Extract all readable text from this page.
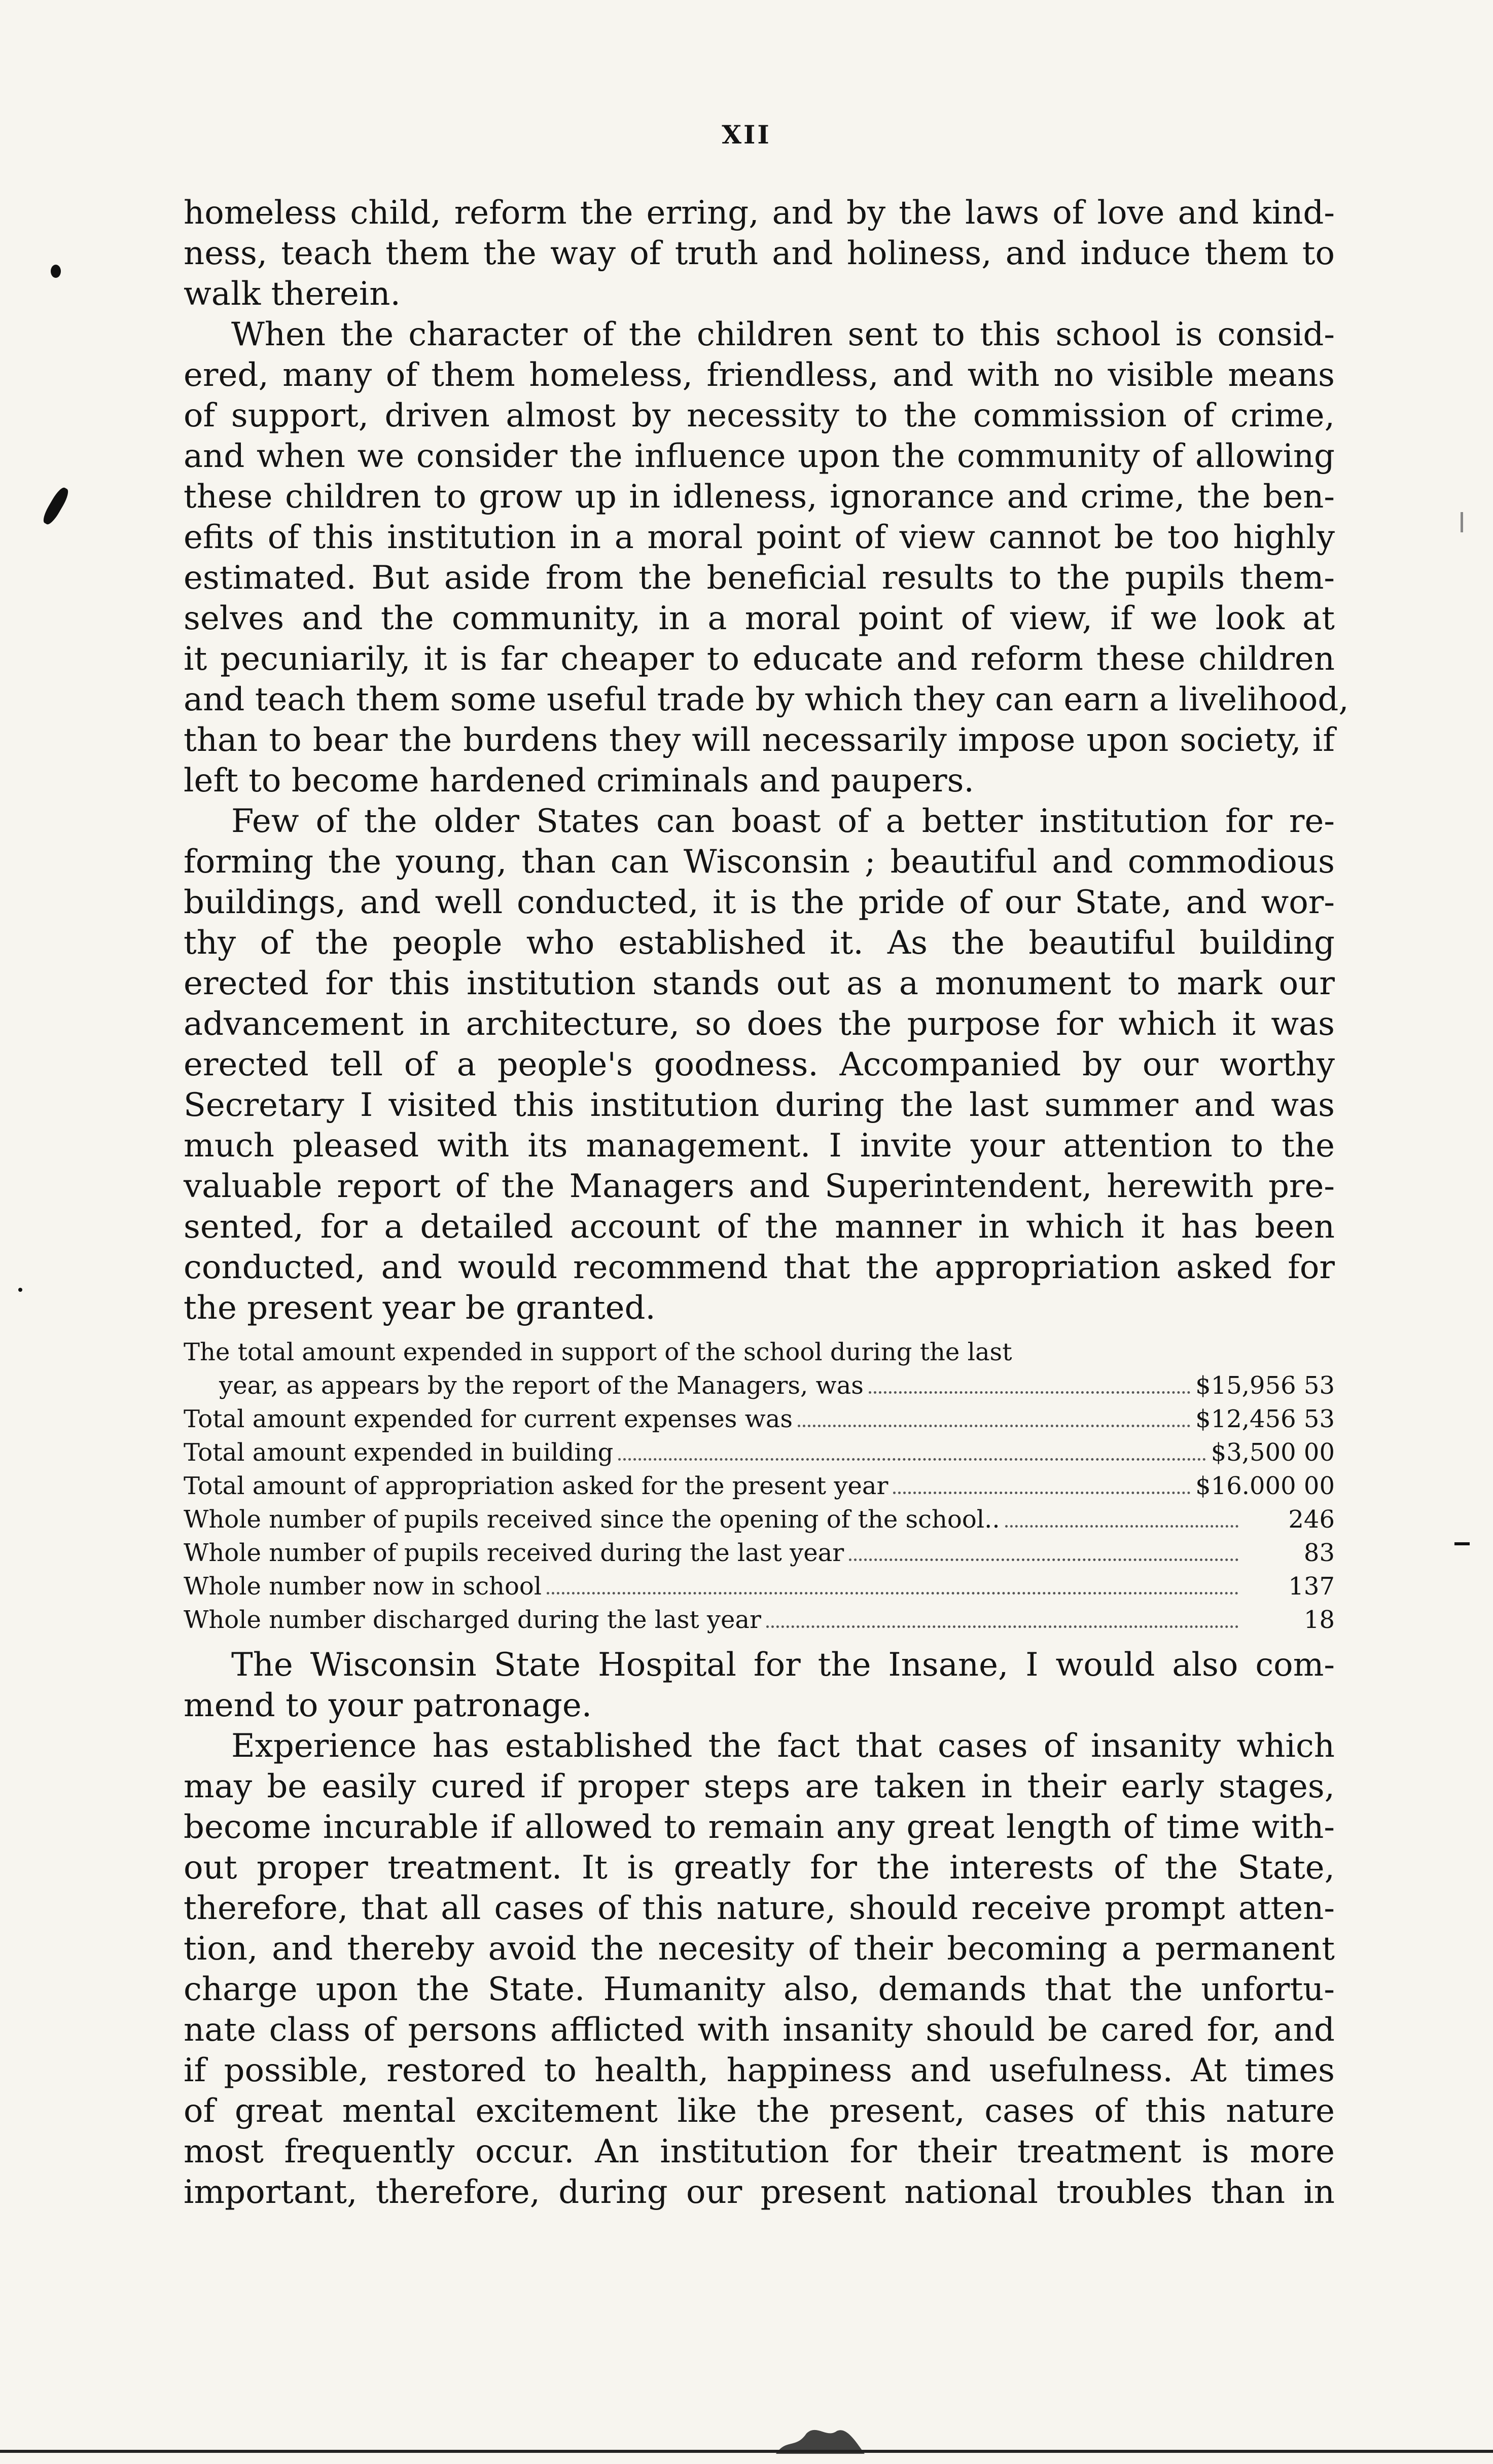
XII
homeless child, reform the erring, and by the laws of love and kind-
ness, teach them the way of truth and holiness, and induce them to
walk therein.
When the character of the children sent to this school is consid-
ered, many of them homeless, friendless, and with no visible means
of support, driven almost by necessity to the commission of crime,
and when we consider the influence upon the community of allowing
these children to grow up in idleness, ignorance and crime, the ben-
efits of this institution in a moral point of view cannot be too highly
estimated. But aside from the beneficial results to the pupils them-
selves and the community, in a moral point of view, if we look at
it pecuniarily, it is far cheaper to educate and reform these children
and teach them some useful trade by which they can earn a livelihood,
than to bear the burdens they will necessarily impose upon society, if
left to become hardened criminals and paupers.
Few of the older States can boast of a better institution for re-
forming the young, than can Wisconsin ; beautiful and commodious
buildings, and well conducted, it is the pride of our State, and wor-
thy of the people who established it. As the beautiful building
erected for this institution stands out as a monument to mark our
advancement in architecture, so does the purpose for which it was
erected tell of a people's goodness. Accompanied by our worthy
Secretary I visited this institution during the last summer and was
much pleased with its management. I invite your attention to the
valuable report of the Managers and Superintendent, herewith pre-
sented, for a detailed account of the manner in which it has been
conducted, and would recommend that the appropriation asked for
the present year be granted.
The total amount expended in support of the school during the last
year, as appears by the report of the Managers, was	$15,956 53
Total amount expended for current expenses was	$12,456 53
Total amount expended in building	$3,500 00
Total amount of appropriation asked for the present year	$16.000 00
Whole number of pupils received since the opening of the school..	246
Whole number of pupils received during the last year	83
Whole number now in school	137
Whole number discharged during the last year	18
The Wisconsin State Hospital for the Insane, I would also com-
mend to your patronage.
Experience has established the fact that cases of insanity which
may be easily cured if proper steps are taken in their early stages,
become incurable if allowed to remain any great length of time with-
out proper treatment. It is greatly for the interests of the State,
therefore, that all cases of this nature, should receive prompt atten-
tion, and thereby avoid the necesity of their becoming a permanent
charge upon the State. Humanity also, demands that the unfortu-
nate class of persons afflicted with insanity should be cared for, and
if possible, restored to health, happiness and usefulness. At times
of great mental excitement like the present, cases of this nature
most frequently occur. An institution for their treatment is more
important, therefore, during our present national troubles than in
